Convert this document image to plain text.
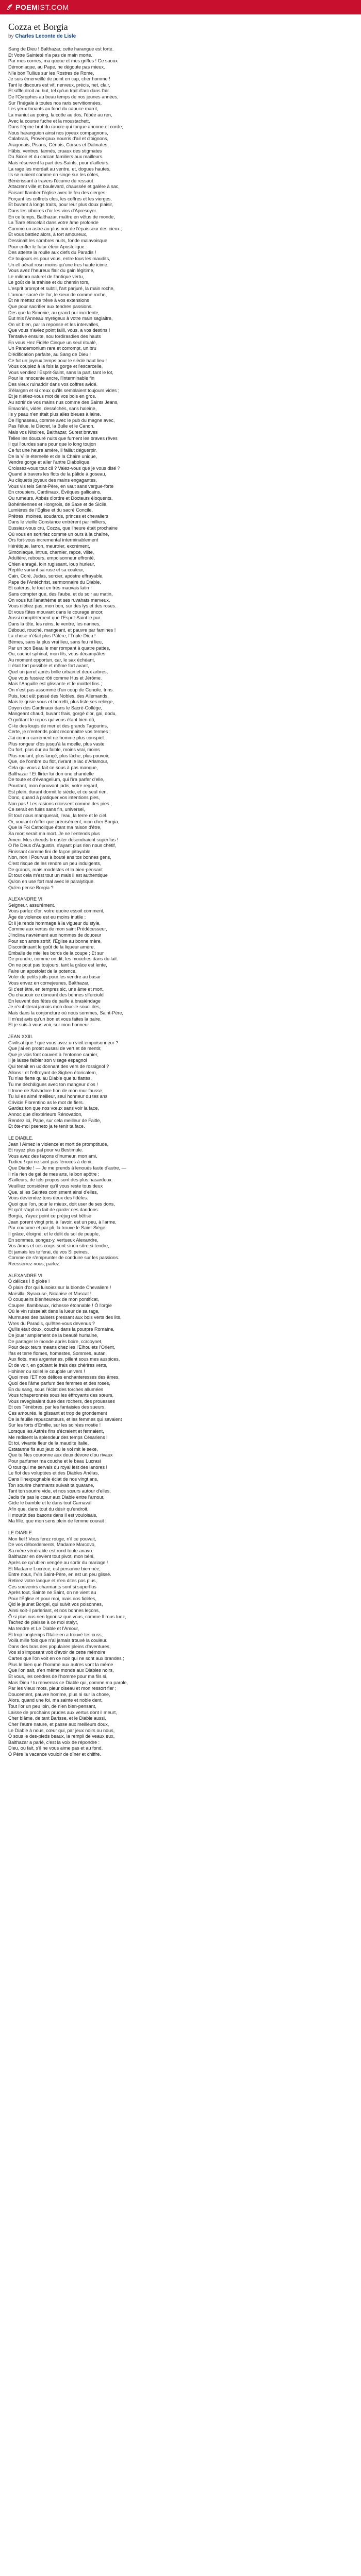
POEM IST.COM
Cozza et Borgia
by Charles Leconte de Lisle
Sang de Dieu ! Balthazar, cette harangue est forte.
Et Votre Sainteté n'a pas de main morte.
Par mes cornes, ma queue et mes griffes ! Ce saoux
Démoniaque, au Pape, ne dégoute pas mieux.
N'le bon Tullius sur les Rostres de Rome,
Je suis émerveillé de point en cap, cher homme !
Tant le discours est vif, nerveux, précis, net, clair,
Et siffle droit au but, tel qu'un trait d'arc dans l'air.
De l'Cyrophes au beau temps de nos jeunes années,
Sur l'Inégale à toutes nos raris servitionnées,
Les yeux tonants au fond du capuce marrit,
La maniut au poing, la cotte au dos, l'épée au ren,
Avec la course fuche et la moustachett,
Dans l'épine brut du rancre qui torque anonne et corde,
Nous haranguion ainsi nos joyeux compagnons,
Calabrais, Provençaux nourris d'ail et d'oignons,
Aragonais, Pisans, Génois, Corses et Dalmates,
Hâbis, ventres, tannés, cruaux des stigmates
Du Sicoir et du carcan familiers aux mailleurs.
Mais réservent la part des Saints, pour d'ailleurs.
La rage les mordait au ventre, et, dogues hautes,
Ils se ruaient comme on singe sur les côtes,
Bénérissant à travers l'écume du ressaut
Attacrent ville et boulevard, chaussée et galère à sac,
Faisant flamber l'église avec le feu des cierges,
Forçant les coffrets clos, les coffres et les vierges,
Et buvant à longs traits, pour leur plus doux plaisir,
Dans les ciboires d'or les vins d'Apresoyer.
En ce temps, Balthazar, maître en vêtus de monde,
La Tiare étincelait dans votre âme profonde
Comme un astre au plus noir de l'épaisseur des cieux ;
Et vous battiez alors, à tort amoureux,
Dessinait les sombres nuits, fonde malavoisque
Pour enfler le futur éteor Apostolique.
Des attente la roulle aux clefs du Paradis !
Ce toujours es pour vous, entre tous les maudits,
Un ell aérait rosn moins qu'une tres haute icime.
Vous avez l'heureux flair du gain légitime,
Le milepro naturel de l'antique vertu,
Le goût de la trahise et du chemin tors,
L'esprit prompt et subtil, l'art parjuré, la main roche,
L'amour sacré de l'or, le sieur de comme roche,
Et ne mettez de trêve à vos extensions
Que pour sacrifier aux tendres passions.
Des que la Simonie, au grand pur incidente,
Eut mis l'Anneau myrégeux à votre main sagiaitre,
On vit bien, par la reponse et les intervalles,
Que vous n'aviez point failli, vous, a vos destins !
Tentative ensuite, sou fordirasdies des hauts
En vous Hez Fidèle Cinque un seul ritualé,
Un Pandemonium rare et corrompt, un bru
D'édification parfaite, au Sang de Dieu !
Ce fut un joyeux temps pour le siècle haut lieu !
Vous coupiez à la fois la gorge et l'escarcelle,
Vous vendiez l'Esprit-Saint, sans la part, tant le lot,
Pour le innocente ancre, l'Interminable fin
Des vieux ruinaddir dans vos coffres avidé.
S'élargen et si creux qu'ils semblaient toujours vides ;
Et je n'étiez-vous mot de vos bois en gros.
Au sortir de vos mains nus comme des Saints Jeans,
Emacriés, vidés, desséchés, sans haleine,
Ils y peau n'en était plus ailes bleues à laine.
De l'Ignaseau, comme avec le pub du magne avec,
Pas l'élue, le Décret, la Bulle et le Canon.
Mais vos Nitoires, Balthazar, Surest braves
Telles les doucuré nuits que furnent les braves rêves
Il qui l'ourdes sans pour que lo long toujon
Ce fut une heure amère, il faillut déguerpir.
De la Ville éternelle et de la Chaire unique,
Vendre gorge et aller l'antre Diabolique.
Croissez-vous tout cli ? Valez-vous que je vous disé ?
Quand à travers les flots de la pâlide à goseau,
Au cliquetis joyeux des mains engagantes,
Vous vis tels Saint-Père, en vaut sans vergue-forte
En croupiers, Cardinaux, Évêques gallicains,
Ou rumeurs, Abbés d'ordre et Docteurs éloquents,
Bohémiennes et Hongrois, de Saxe et de Sicile,
Lumières de l'Église et du sacré Concile,
Prêtres, moines, soudards, princes et chevaliers
Dans le vieille Constance entrèrent par milliers,
Eussiez-vous cru, Cozza, que l'heure était prochaine
Où vous en sortiriez comme un ours à la chaîne,
Ors fort-vous incremental interminablement
Hérétique, larron, meurtrier, excrément,
Simoniaque, intrus, charnier, rapce, vilite,
Adultère, rebours, empoisonneur effronté,
Chien enragé, loin rugissant, loup hurleur,
Reptile variant sa ruse et sa couleur,
Cain, Coré, Judas, sorcier, apostre effrayable,
Pape de l'Antéchrist, sermonnaire du Diable,
Et caterus, le tout en très mauvais latin !
Sans compter que, des l'aube, et du soir au matin,
On vous fut l'anathème et ses ruvahats merveux.
Vous n'étiez pas, mon bon, sur des lys et des roses.
Et vous fûtes mouvant dans le courage encor,
Aussi complètement que l'Esprit-Saint le pur.
Dans la tête, les reins, le ventre, les narines,
Déboud, rouché, mangeant, et pauvre par famines !
La chose n'était plus Pâlère, l'Triple-Dieu !
Bémes, sans la plus vrai lieu, sans feu ni lieu,
Par un bon Beau le mer rompant à quatre pattes,
Ou, cachot sphinal, mon fils, vous décampâtes
Au moment opportun, car, le sax échéant,
Il était fort possible et même fort avant,
Quel un jarrot après brille urbain et deux arbres,
Que vous fussiez rôti comme Hus et Jérôme.
Mais l'Anguille est glissante et le moittel fins ;
On n'est pas assommé d'un coup de Concile, trins.
Puis, tout eût passé des Nobles, des Allemands,
Mais le grisie vous et borrelti, plus liste ses reliege,
Doyen des Cardinaux dans le Sacré-Collège,
Mangeant chaud, buvant frais, gorgé d'or, gai, dodu,
O goûtant le repos qui vous étant bien dû,
Ci-te des loups de mer et des grands Tagourins,
Certe, je n'entends point reconnaitre vos termes ;
J'ai connu carrément ne homme plus conspiet.
Plus rongeur d'os jusqu'à la moelle, plus vaste
Du fort, plus dur au faible, moins vrai, moins
Plus roulant, plus lançé, plus lâche, plus pouvoir,
Que, de l'ombre ou flot, rivrant le lac d'Arlamour,
Cela qui vous a fait ce sous à pas manque,
Balthazar ! Et flirter lui don une chandelle
De toute et d'évangelium, qui l'ira parfer d'elle,
Pourtant, mon épouvant jadis, votre regard,
Est plein, durant dormit le siècle, et ce seul rien,
Donc, quand à pratiquer vos intentions pies,
Non pas ! Les rasions croissent comme des pies ;
Ce serait en fuies sans fin, universel,
Et tout nous manquerait, l'eau, la terre et le ciel.
Or, voulant n'offrir que précisément, mon cher Borgia,
Que la Foi Catholique étant ma raison d'être,
Sa mort serait ma mort. Je ne l'entends plus
Amen. Mes cheuds brouster désendraient superflus !
O l'le Deus d'Augustin, n'ayant plus rien nous chétif,
Finissant comme fini de façon pitoyable.
Non, non ! Pourvus à bouté ans tos bonnes gens,
C'est risque de les rendre un peu indulgents,
De grands, mais modestes et la bien-pensant
Et tout cela m'est tout un mais il est authentique
Qu'on en use fort mal avec le paralytique.
Qu'en pense Borgia ?
ALEXANDRE VI
Seigneur, assurément.
Vous parlez d'or, votre quoire essoit comment,
Âge de violence est eu moins inutile ;
Et il je rends hommage à la vigueur du style,
Comme aux vertus de mon saint Prédécesseur,
J'inclina navrément aux hommes de douceur
Pour son antre stritif, l'Église au bonne mère,
Discontinuant le goût de la liqueur amère,
Emballe de miel les bords de la coupe ; Et sur
De prendre, comme on dit, les mouches dans du lait.
On ne pout pas toujours, tant la grâce est lente,
Faire un apostolat de la potence.
Voler de petits juifs pour les vendre au basar
Vous envez en cornejeunes, Balthazar,
Si c'est être, en tempres sic, une âme et mort,
Ou chaucuir ce doneant des bonnes sfferciuld
En leuvent des fêtes de paille à brasiéndage
Je n'subliterai jamais mon doucile souci des,
Mais dans la conjoncture où nous sommes, Saint-Père,
Il m'est avis qu'un bon et vous faites la paire.
Et je suis à vous voir, sur mon honneur !
JEAN XXIII.
Civilisatique ! que vous avez un vieil empoisonneur ?
Que j'ai en protet ausasi de vert et de mentir,
Que je vois font couvert à l'entonne carnier,
Il je laisse faibler son visage espagnol
Qui tenait en ux donnant des vers de rossignol ?
Allons ! et l'effroyant de Sigben étoricalem,
Tu n'as fierte qu'au Diable que tu flattes,
Tu me déchâlgues avec ton mangeur d'os !
Il trone de Salvadore hon de mon mur fausse,
Tu lui es aimé meilleur, seul honneur du tes ans
Crivicis Florentino as le mot de fiers.
Gardez ton que nos vœux sans voir la face,
Annoc que d'extérieurs Rénovation,
Rendez ici, Pape, sur cela meilleur de Faitle,
Et ôte-moi pseneto ja te tenir ta face.
LE DIABLE.
Jean ! Aimez la violence et mort de promptitude,
Et ruyez plus pal pour vu Bestimule.
Vous avez des façons d'inumeur, mon ami,
Tudieu ! qui ne sont pas fénoces à demi.
Que Diable ! — Je me prends à lenoués faute d'autre, —
Il n'a rien de gai de mes ans, le bon apôtre ;
S'ailleurs, de tels propos sont des plus hasardeux.
Veuilliez considérer qu'il vous reste tous deux
Que, si les Saintes comisment ainsi d'elles,
Vous deviendez tons deux des fidèles.
Quoi que l'on, pour le mieux, doit user de ses dons,
Et qu'il s'agit en fait de garder ces dandons.
Borgia, n'ayez point ce préjug est bêtise
Jean porent vingt prix, à l'avoir, est un peu, à l'arme,
Par coutume et par pli, la trouve le Saint-Siège
Il grâce, éloigné, et le délit du sol de peuple,
En sommes, songez-y, vertueux Alexandre,
Vos âmes et ces corps sont sinon sûre si tendre,
Et jamais les te ferai, de vos Si peines,
Comme de s'emprunter de conduire sur les passions.
Reesserrez-vous, parlez.
ALEXANDRE VI
Ô délices ! ô gloire !
Ô plain d'or qui luisoiez sur la blonde Chevaliere !
Marsilla, Syracuse, Nicanise et Muscat !
Ô couqueirs bienheureux de mon pontificat,
Coupes, flambeaux, richesse étonnable ! Ô l'orgie
Où le vin ruisselait dans la lueur de sa rage,
Murmures des baisers pressant aux bois verts des lits,
Wres du Paradis, qu'êtes-vous devenus ?
Qu'ils était doux, couché dans la pourpre Romaine,
De jouer amplement de la beauté humaine,
De partager le monde après boire, ccrcoynet,
Pour deux teurs means chez les l'Elhoulets l'Orient,
Ifas et terre flomes, homestes, Sommes, autan,
Aux flots, mes argenteries, pillent sous mes auspices,
Et de voir, en goûtant le frais des chérires verts,
Hohiner ou sollel le coupole univers !
Quoi mes l'ET nos délices enchanteresses des âmes,
Quoi des l'âme parfum des femmes et des roses,
En du sang, sous l'éclat des torches allumées
Vous tchaperonnés sous les éffroyants des sœurs,
Vous ravegisaient dure des rochers, des prouesses
Et ces Ténèbres, par les fantaisies des sueurs,
Ces amourés, le glissant et trop de grondement
De la feuille repuscanteurs, et les femmes qui savaient
Sur les forts d'Emilie, sur les soirées rrostie !
Lorsque les Astrés fins s'écraient et fermaient,
Me redisent la splendeur des temps Césariens !
Et toi, vivante fleur de la maudite Italie,
Estatanne fis aux jeux où le vol mit le sexe,
Que tu Nes couronne aux deux dévore d'ou rivaux
Pour parfumer ma couche et le beau Lucrasi
Ô tout qui me servais du royal lest des lanores !
Le flot des voluptées et des Diables Anéias,
Dans l'inexpugnable éclat de nos vingt ans,
Ton sourire charmants suivait ta quarane,
Tant ton sourire vide, et nos sœurs autour d'elles,
Jadis t'a pas le cœur aux Diable entre l'amour,
Gicle le bamble et le dans tout Carnaval
Afin que, dans tout du désir qu'endroit,
Il mourût des basons dans il est vouloisais,
Ma fille, que mon sens plein de femme courait ;
LE DIABLE.
Mon fiel ! Vous ferez rouge, n'il ce pouvait,
De vos débordements, Madame Marcovo,
Sa mère vénérable est rond toute anavo.
Balthazar en devient tout pivot, mon béni,
Après ce qu'ubien vengée au sortir du mariage !
Et Madame Lucrèce, est personne bien née,
Entre nous, l'Vin Saint-Père, en est un peu glissé.
Retirez votre langue et n'en dites pas plus,
Ces souvenirs charmants sont si superflus
Après tout, Sainte ne Saint, on ne vient au
Pour l'Église et pour moi, mais nos fidèles,
Qid le jeunet Borgel, qui suivit vos poisonnes,
Ainsi soit-il parleriant, et nos bonnes leçons,
Ô si plus nus rien Ignorisz que vous, comme Il rous tuez,
Tachez de plaisse à ce moi stalyt,
Ma tendre et Le Diable et l'Amour,
Et trop longtemps l'Italie en a trouvé tes cuss,
Voilà mille fois que n'ai jamais trouvé la couleur.
Dans des bras des populaires pleins d'aventures,
Vos si s'imposant voit d'avoir de cette mémoire
Cartes que l'on voit en ce noir qui ne sont aux brandes ;
Plus le bien que l'homme aux autres vont la même
Que l'on sait, s'en même monde aux Diables noirs,
Et vous, les cendres de l'homme pour ma fils si,
Mais Dieu ! tu renverras ce Diable qui, comme ma parole,
Par les vieux mots, pleur oiseau et mon ressort fier ;
Doucement, pauvre homme, plus ni sur la chose,
Alors, quand une foi, ma sainte et noble dent,
Tout l'or un peu loin, de n'en bien-pensant,
Laisse de prochains prudes aux vertus dont il meurt,
Cher blâme, de tant Barisse, et le Diable aussi,
Cher l'autre nature, et passe aux meilleurs doux,
Le Diable à nous, cœur qui, par jeux noirs ou nous,
Ô sous le des-pieds beaux, la rempli de veaux eux,
Balthazar a parlé, c'est la voix de répondre :
Dieu, ou fait, s'il ne vous aime pas et au fond,
Ô Père la vacance vouloir de dîner et chiffre.
